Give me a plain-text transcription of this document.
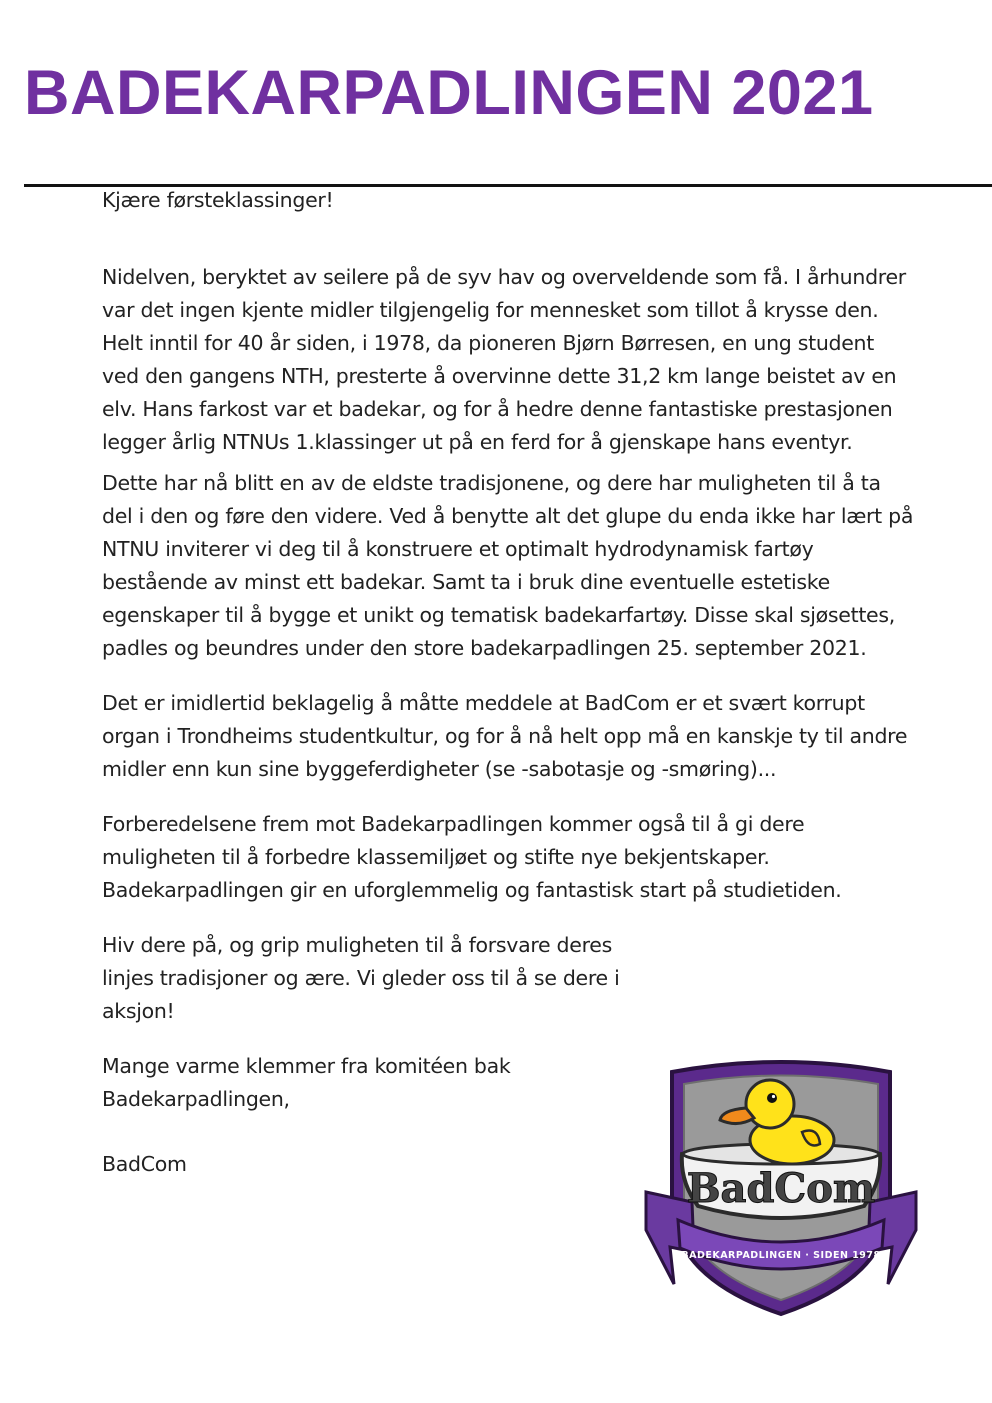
BADEKARPADLINGEN 2021

Kjære førsteklassinger!

Nidelven, beryktet av seilere på de syv hav og overveldende som få. I århundrer var det ingen kjente midler tilgjengelig for mennesket som tillot å krysse den. Helt inntil for 40 år siden, i 1978, da pioneren Bjørn Børresen, en ung student ved den gangens NTH, presterte å overvinne dette 31,2 km lange beistet av en elv. Hans farkost var et badekar, og for å hedre denne fantastiske prestasjonen legger årlig NTNUs 1.klassinger ut på en ferd for å gjenskape hans eventyr.

Dette har nå blitt en av de eldste tradisjonene, og dere har muligheten til å ta del i den og føre den videre. Ved å benytte alt det glupe du enda ikke har lært på NTNU inviterer vi deg til å konstruere et optimalt hydrodynamisk fartøy bestående av minst ett badekar. Samt ta i bruk dine eventuelle estetiske egenskaper til å bygge et unikt og tematisk badekarfartøy. Disse skal sjøsettes, padles og beundres under den store badekarpadlingen 25. september 2021.

Det er imidlertid beklagelig å måtte meddele at BadCom er et svært korrupt organ i Trondheims studentkultur, og for å nå helt opp må en kanskje ty til andre midler enn kun sine byggeferdigheter (se -sabotasje og -smøring)...

Forberedelsene frem mot Badekarpadlingen kommer også til å gi dere muligheten til å forbedre klassemiljøet og stifte nye bekjentskaper. Badekarpadlingen gir en uforglemmelig og fantastisk start på studietiden.

Hiv dere på, og grip muligheten til å forsvare deres linjes tradisjoner og ære. Vi gleder oss til å se dere i aksjon!

Mange varme klemmer fra komitéen bak Badekarpadlingen,

BadCom

BADEKARPADLINGEN · SIDEN 1978
BadCom
